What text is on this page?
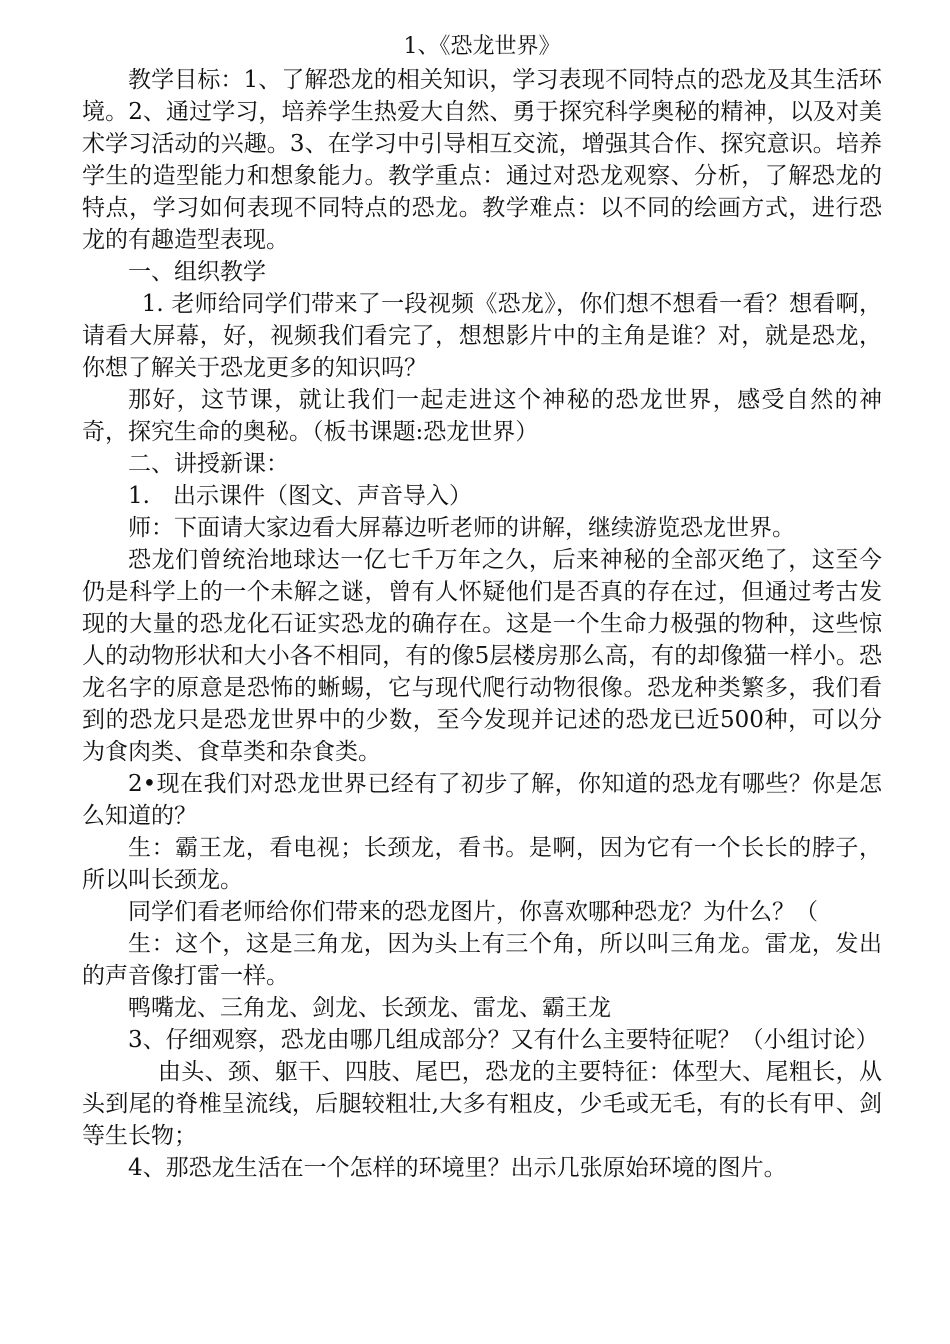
1、《恐龙世界》

教学目标：1、了解恐龙的相关知识，学习表现不同特点的恐龙及其生活环境。2、通过学习，培养学生热爱大自然、勇于探究科学奥秘的精神，以及对美术学习活动的兴趣。3、在学习中引导相互交流，增强其合作、探究意识。培养学生的造型能力和想象能力。教学重点：通过对恐龙观察、分析，了解恐龙的特点，学习如何表现不同特点的恐龙。教学难点：以不同的绘画方式，进行恐龙的有趣造型表现。

一、组织教学

1. 老师给同学们带来了一段视频《恐龙》，你们想不想看一看？想看啊，请看大屏幕，好，视频我们看完了，想想影片中的主角是谁？对，就是恐龙，你想了解关于恐龙更多的知识吗？

那好，这节课，就让我们一起走进这个神秘的恐龙世界，感受自然的神奇，探究生命的奥秘。（板书课题:恐龙世界）

二、讲授新课：

1.　出示课件（图文、声音导入）

师：下面请大家边看大屏幕边听老师的讲解，继续游览恐龙世界。

恐龙们曾统治地球达一亿七千万年之久，后来神秘的全部灭绝了，这至今仍是科学上的一个未解之谜，曾有人怀疑他们是否真的存在过，但通过考古发现的大量的恐龙化石证实恐龙的确存在。这是一个生命力极强的物种，这些惊人的动物形状和大小各不相同，有的像5层楼房那么高，有的却像猫一样小。恐龙名字的原意是恐怖的蜥蜴，它与现代爬行动物很像。恐龙种类繁多，我们看到的恐龙只是恐龙世界中的少数，至今发现并记述的恐龙已近500种，可以分为食肉类、食草类和杂食类。

2•现在我们对恐龙世界已经有了初步了解，你知道的恐龙有哪些？你是怎么知道的？

生：霸王龙，看电视；长颈龙，看书。是啊，因为它有一个长长的脖子，所以叫长颈龙。

同学们看老师给你们带来的恐龙图片，你喜欢哪种恐龙？为什么？（

生：这个，这是三角龙，因为头上有三个角，所以叫三角龙。雷龙，发出的声音像打雷一样。

鸭嘴龙、三角龙、剑龙、长颈龙、雷龙、霸王龙

3、仔细观察，恐龙由哪几组成部分？又有什么主要特征呢？（小组讨论）

由头、颈、躯干、四肢、尾巴，恐龙的主要特征：体型大、尾粗长，从头到尾的脊椎呈流线，后腿较粗壮,大多有粗皮，少毛或无毛，有的长有甲、剑等生长物；

4、那恐龙生活在一个怎样的环境里？出示几张原始环境的图片。
